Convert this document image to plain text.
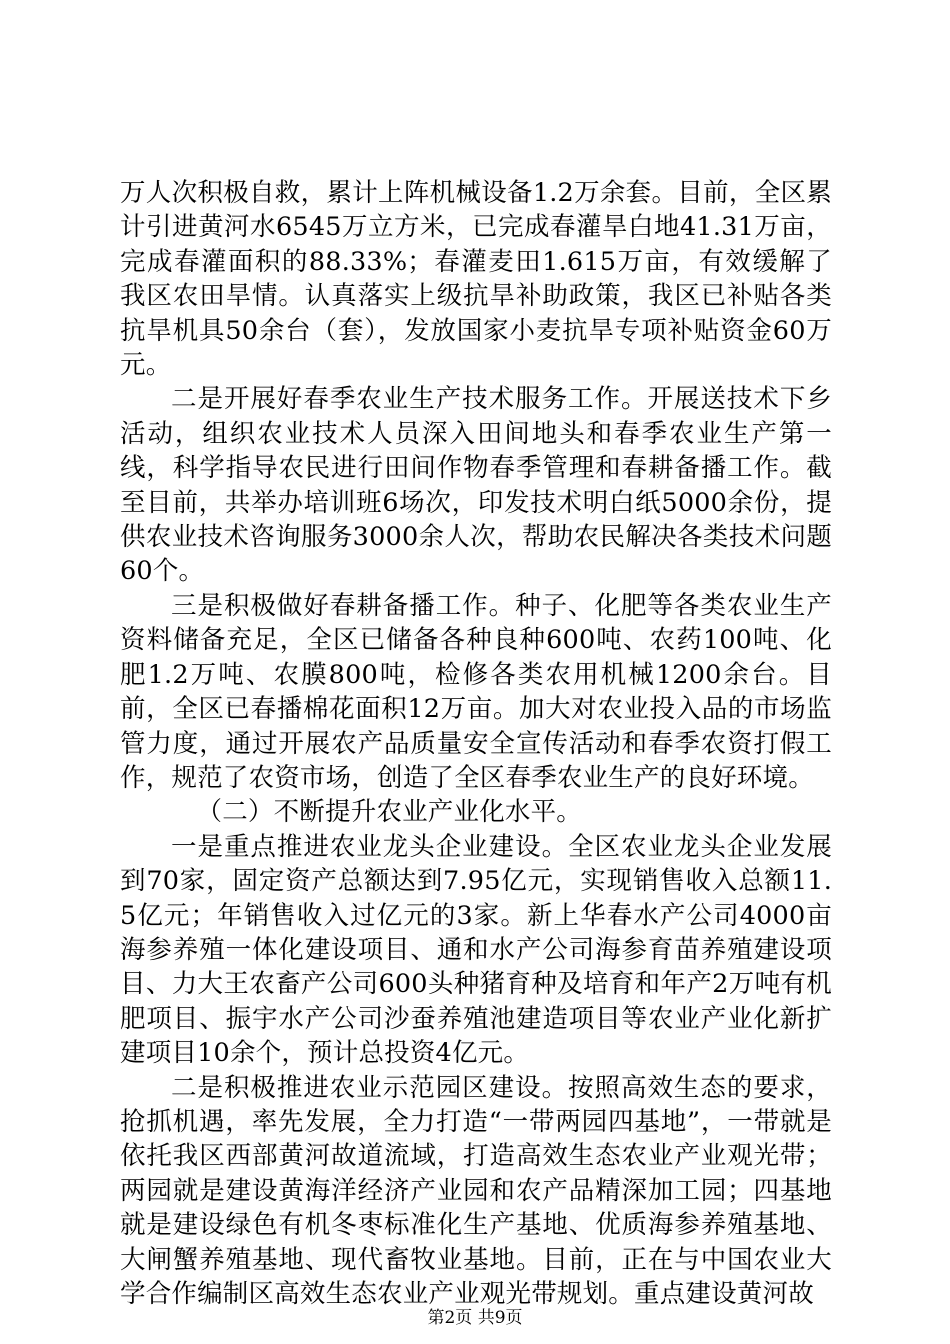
万人次积极自救，累计上阵机械设备1.2万余套。目前，全区累计引进黄河水6545万立方米，已完成春灌旱白地41.31万亩，完成春灌面积的88.33%；春灌麦田1.615万亩，有效缓解了我区农田旱情。认真落实上级抗旱补助政策，我区已补贴各类抗旱机具50余台（套），发放国家小麦抗旱专项补贴资金60万元。

二是开展好春季农业生产技术服务工作。开展送技术下乡活动，组织农业技术人员深入田间地头和春季农业生产第一线，科学指导农民进行田间作物春季管理和春耕备播工作。截至目前，共举办培训班6场次，印发技术明白纸5000余份，提供农业技术咨询服务3000余人次，帮助农民解决各类技术问题60个。

三是积极做好春耕备播工作。种子、化肥等各类农业生产资料储备充足，全区已储备各种良种600吨、农药100吨、化肥1.2万吨、农膜800吨，检修各类农用机械1200余台。目前，全区已春播棉花面积12万亩。加大对农业投入品的市场监管力度，通过开展农产品质量安全宣传活动和春季农资打假工作，规范了农资市场，创造了全区春季农业生产的良好环境。

（二）不断提升农业产业化水平。

一是重点推进农业龙头企业建设。全区农业龙头企业发展到70家，固定资产总额达到7.95亿元，实现销售收入总额11.5亿元；年销售收入过亿元的3家。新上华春水产公司4000亩海参养殖一体化建设项目、通和水产公司海参育苗养殖建设项目、力大王农畜产公司600头种猪育种及培育和年产2万吨有机肥项目、振宇水产公司沙蚕养殖池建造项目等农业产业化新扩建项目10余个，预计总投资4亿元。

二是积极推进农业示范园区建设。按照高效生态的要求，抢抓机遇，率先发展，全力打造“一带两园四基地”，一带就是依托我区西部黄河故道流域，打造高效生态农业产业观光带；两园就是建设黄海洋经济产业园和农产品精深加工园；四基地就是建设绿色有机冬枣标准化生产基地、优质海参养殖基地、大闸蟹养殖基地、现代畜牧业基地。目前，正在与中国农业大学合作编制区高效生态农业产业观光带规划。重点建设黄河故

第2页 共9页
